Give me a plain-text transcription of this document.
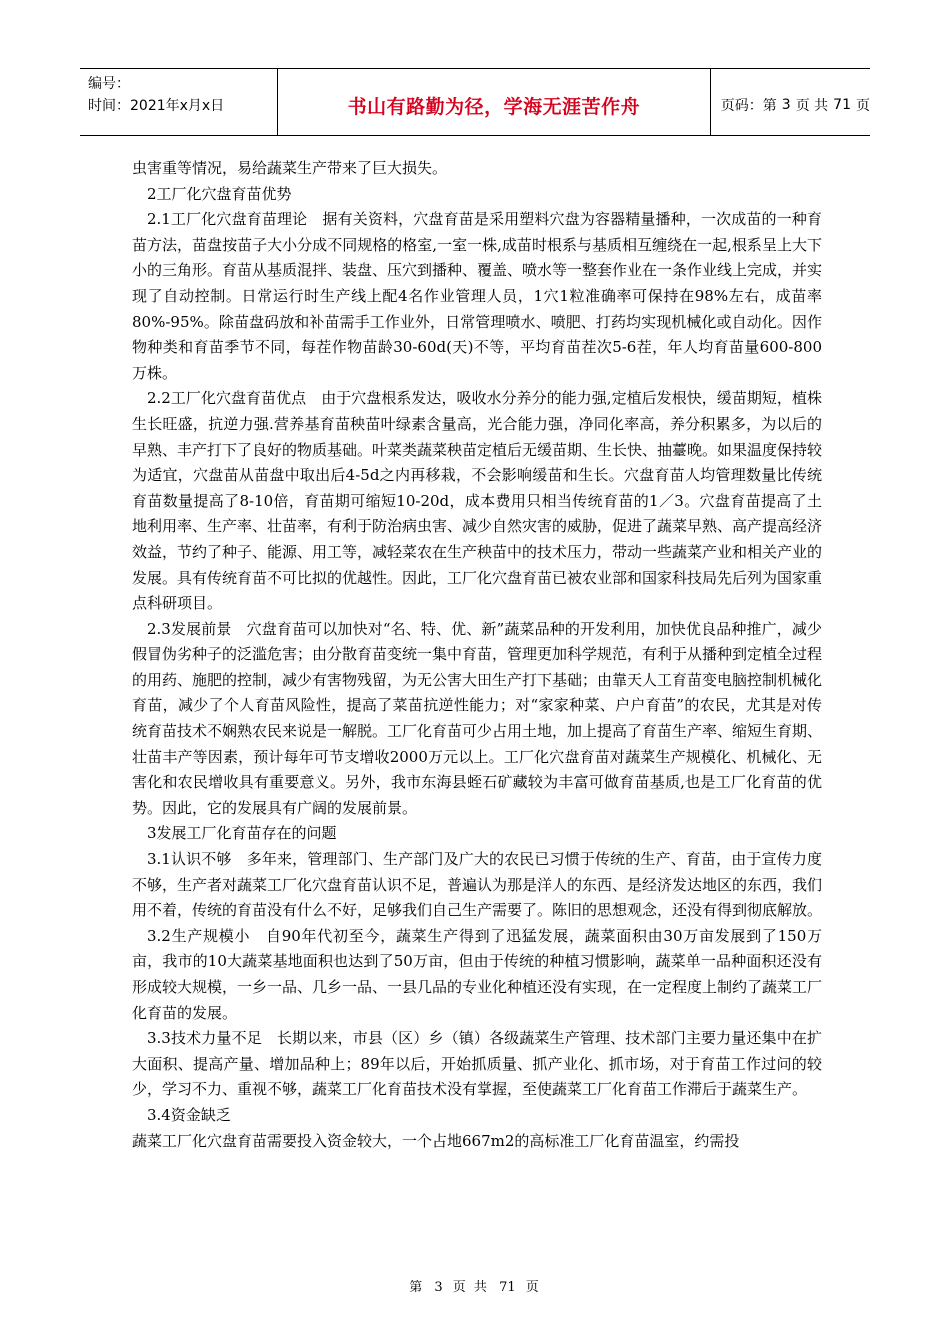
编号：
时间：2021年x月x日	书山有路勤为径，学海无涯苦作舟	页码：第 3 页 共 71 页

虫害重等情况，易给蔬菜生产带来了巨大损失。

2工厂化穴盘育苗优势

2.1工厂化穴盘育苗理论　据有关资料，穴盘育苗是采用塑料穴盘为容器精量播种，一次成苗的一种育苗方法，苗盘按苗子大小分成不同规格的格室,一室一株,成苗时根系与基质相互缠绕在一起,根系呈上大下小的三角形。育苗从基质混拌、装盘、压穴到播种、覆盖、喷水等一整套作业在一条作业线上完成，并实现了自动控制。日常运行时生产线上配4名作业管理人员，1穴1粒准确率可保持在98%左右，成苗率80%-95%。除苗盘码放和补苗需手工作业外，日常管理喷水、喷肥、打药均实现机械化或自动化。因作物种类和育苗季节不同，每茬作物苗龄30-60d(天)不等，平均育苗茬次5-6茬，年人均育苗量600-800万株。

2.2工厂化穴盘育苗优点　由于穴盘根系发达，吸收水分养分的能力强,定植后发根快，缓苗期短，植株生长旺盛，抗逆力强.营养基育苗秧苗叶绿素含量高，光合能力强，净同化率高，养分积累多，为以后的早熟、丰产打下了良好的物质基础。叶菜类蔬菜秧苗定植后无缓苗期、生长快、抽薹晚。如果温度保持较为适宜，穴盘苗从苗盘中取出后4-5d之内再移栽，不会影响缓苗和生长。穴盘育苗人均管理数量比传统育苗数量提高了8-10倍，育苗期可缩短10-20d，成本费用只相当传统育苗的1／3。穴盘育苗提高了土地利用率、生产率、壮苗率，有利于防治病虫害、减少自然灾害的威胁，促进了蔬菜早熟、高产提高经济效益，节约了种子、能源、用工等，减轻菜农在生产秧苗中的技术压力，带动一些蔬菜产业和相关产业的发展。具有传统育苗不可比拟的优越性。因此，工厂化穴盘育苗已被农业部和国家科技局先后列为国家重点科研项目。

2.3发展前景　穴盘育苗可以加快对“名、特、优、新”蔬菜品种的开发利用，加快优良品种推广，减少假冒伪劣种子的泛滥危害；由分散育苗变统一集中育苗，管理更加科学规范，有利于从播种到定植全过程的用药、施肥的控制，减少有害物残留，为无公害大田生产打下基础；由靠天人工育苗变电脑控制机械化育苗，减少了个人育苗风险性，提高了菜苗抗逆性能力；对“家家种菜、户户育苗”的农民，尤其是对传统育苗技术不娴熟农民来说是一解脱。工厂化育苗可少占用土地，加上提高了育苗生产率、缩短生育期、壮苗丰产等因素，预计每年可节支增收2000万元以上。工厂化穴盘育苗对蔬菜生产规模化、机械化、无害化和农民增收具有重要意义。另外，我市东海县蛭石矿藏较为丰富可做育苗基质,也是工厂化育苗的优势。因此，它的发展具有广阔的发展前景。

3发展工厂化育苗存在的问题

3.1认识不够　多年来，管理部门、生产部门及广大的农民已习惯于传统的生产、育苗，由于宣传力度不够，生产者对蔬菜工厂化穴盘育苗认识不足，普遍认为那是洋人的东西、是经济发达地区的东西，我们用不着，传统的育苗没有什么不好，足够我们自己生产需要了。陈旧的思想观念，还没有得到彻底解放。

3.2生产规模小　自90年代初至今，蔬菜生产得到了迅猛发展，蔬菜面积由30万亩发展到了150万亩，我市的10大蔬菜基地面积也达到了50万亩，但由于传统的种植习惯影响，蔬菜单一品种面积还没有形成较大规模，一乡一品、几乡一品、一县几品的专业化种植还没有实现，在一定程度上制约了蔬菜工厂化育苗的发展。

3.3技术力量不足　长期以来，市县（区）乡（镇）各级蔬菜生产管理、技术部门主要力量还集中在扩大面积、提高产量、增加品种上；89年以后，开始抓质量、抓产业化、抓市场，对于育苗工作过问的较少，学习不力、重视不够，蔬菜工厂化育苗技术没有掌握，至使蔬菜工厂化育苗工作滞后于蔬菜生产。

3.4资金缺乏

蔬菜工厂化穴盘育苗需要投入资金较大，一个占地667m2的高标准工厂化育苗温室，约需投

第 3 页 共 71 页
